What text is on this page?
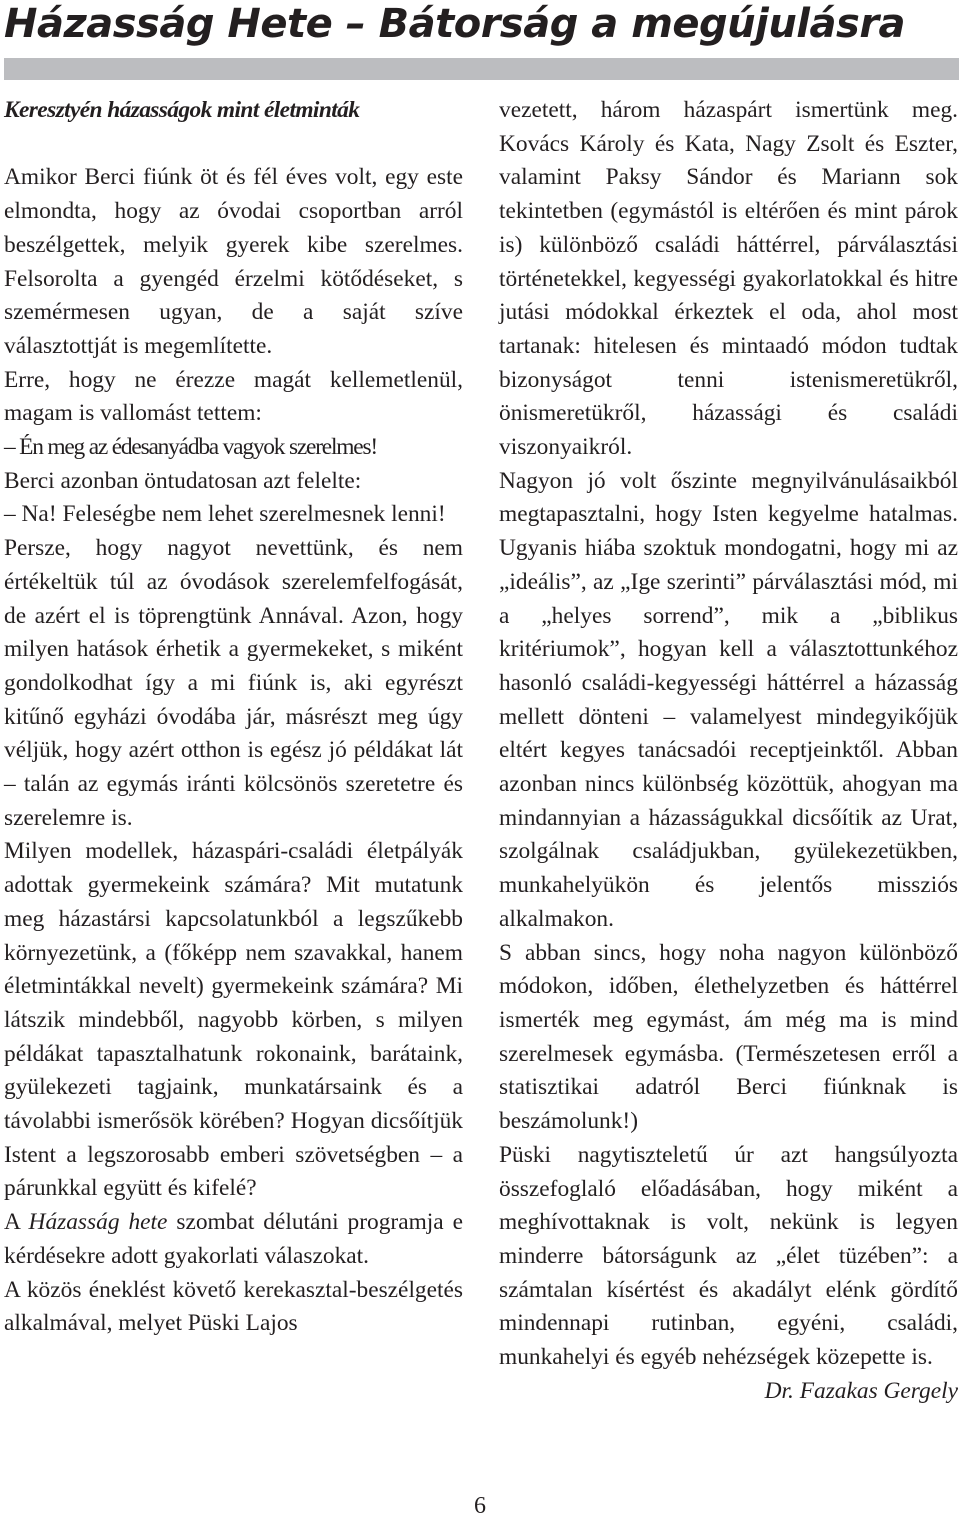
Házasság Hete – Bátorság a megújulásra

Keresztyén házasságok mint életminták

Amikor Berci fiúnk öt és fél éves volt, egy este elmondta, hogy az óvodai csoportban arról beszélgettek, melyik gyerek kibe szerelmes. Felsorolta a gyengéd érzelmi kötődéseket, s szemérmesen ugyan, de a saját szíve választottját is megemlítette.

Erre, hogy ne érezze magát kellemetlenül, magam is vallomást tettem:

– Én meg az édesanyádba vagyok szerelmes!

Berci azonban öntudatosan azt felelte:

– Na! Feleségbe nem lehet szerelmesnek lenni!

Persze, hogy nagyot nevettünk, és nem értékeltük túl az óvodások szerelemfelfogását, de azért el is töprengtünk Annával. Azon, hogy milyen hatások érhetik a gyermekeket, s miként gondolkodhat így a mi fiúnk is, aki egyrészt kitűnő egyházi óvodába jár, másrészt meg úgy véljük, hogy azért otthon is egész jó példákat lát – talán az egymás iránti kölcsönös szeretetre és szerelemre is.

Milyen modellek, házaspári-családi életpályák adottak gyermekeink számára? Mit mutatunk meg házastársi kapcsolatunkból a legszűkebb környezetünk, a (főképp nem szavakkal, hanem életmintákkal nevelt) gyermekeink számára? Mi látszik mindebből, nagyobb körben, s milyen példákat tapasztalhatunk rokonaink, barátaink, gyülekezeti tagjaink, munkatársaink és a távolabbi ismerősök körében? Hogyan dicsőítjük Istent a legszorosabb emberi szövetségben – a párunkkal együtt és kifelé?

A Házasság hete szombat délutáni programja e kérdésekre adott gyakorlati válaszokat.

A közös éneklést követő kerekasztal-beszélgetés alkalmával, melyet Püski Lajos

vezetett, három házaspárt ismertünk meg. Kovács Károly és Kata, Nagy Zsolt és Eszter, valamint Paksy Sándor és Mariann sok tekintetben (egymástól is eltérően és mint párok is) különböző családi háttérrel, párválasztási történetekkel, kegyességi gyakorlatokkal és hitre jutási módokkal érkeztek el oda, ahol most tartanak: hitelesen és mintaadó módon tudtak bizonyságot tenni istenismeretükről, önismeretükről, házassági és családi viszonyaikról.

Nagyon jó volt őszinte megnyilvánulásaikból megtapasztalni, hogy Isten kegyelme hatalmas. Ugyanis hiába szoktuk mondogatni, hogy mi az „ideális”, az „Ige szerinti” párválasztási mód, mi a „helyes sorrend”, mik a „biblikus kritériumok”, hogyan kell a választottunkéhoz hasonló családi-kegyességi háttérrel a házasság mellett dönteni – valamelyest mindegyikőjük eltért kegyes tanácsadói receptjeinktől. Abban azonban nincs különbség közöttük, ahogyan ma mindannyian a házasságukkal dicsőítik az Urat, szolgálnak családjukban, gyülekezetükben, munkahelyükön és jelentős missziós alkalmakon.

S abban sincs, hogy noha nagyon különböző módokon, időben, élethelyzetben és háttérrel ismerték meg egymást, ám még ma is mind szerelmesek egymásba. (Természetesen erről a statisztikai adatról Berci fiúnknak is beszámolunk!)

Püski nagytiszteletű úr azt hangsúlyozta összefoglaló előadásában, hogy miként a meghívottaknak is volt, nekünk is legyen minderre bátorságunk az „élet tüzében”: a számtalan kísértést és akadályt elénk gördítő mindennapi rutinban, egyéni, családi, munkahelyi és egyéb nehézségek közepette is.

Dr. Fazakas Gergely

6
